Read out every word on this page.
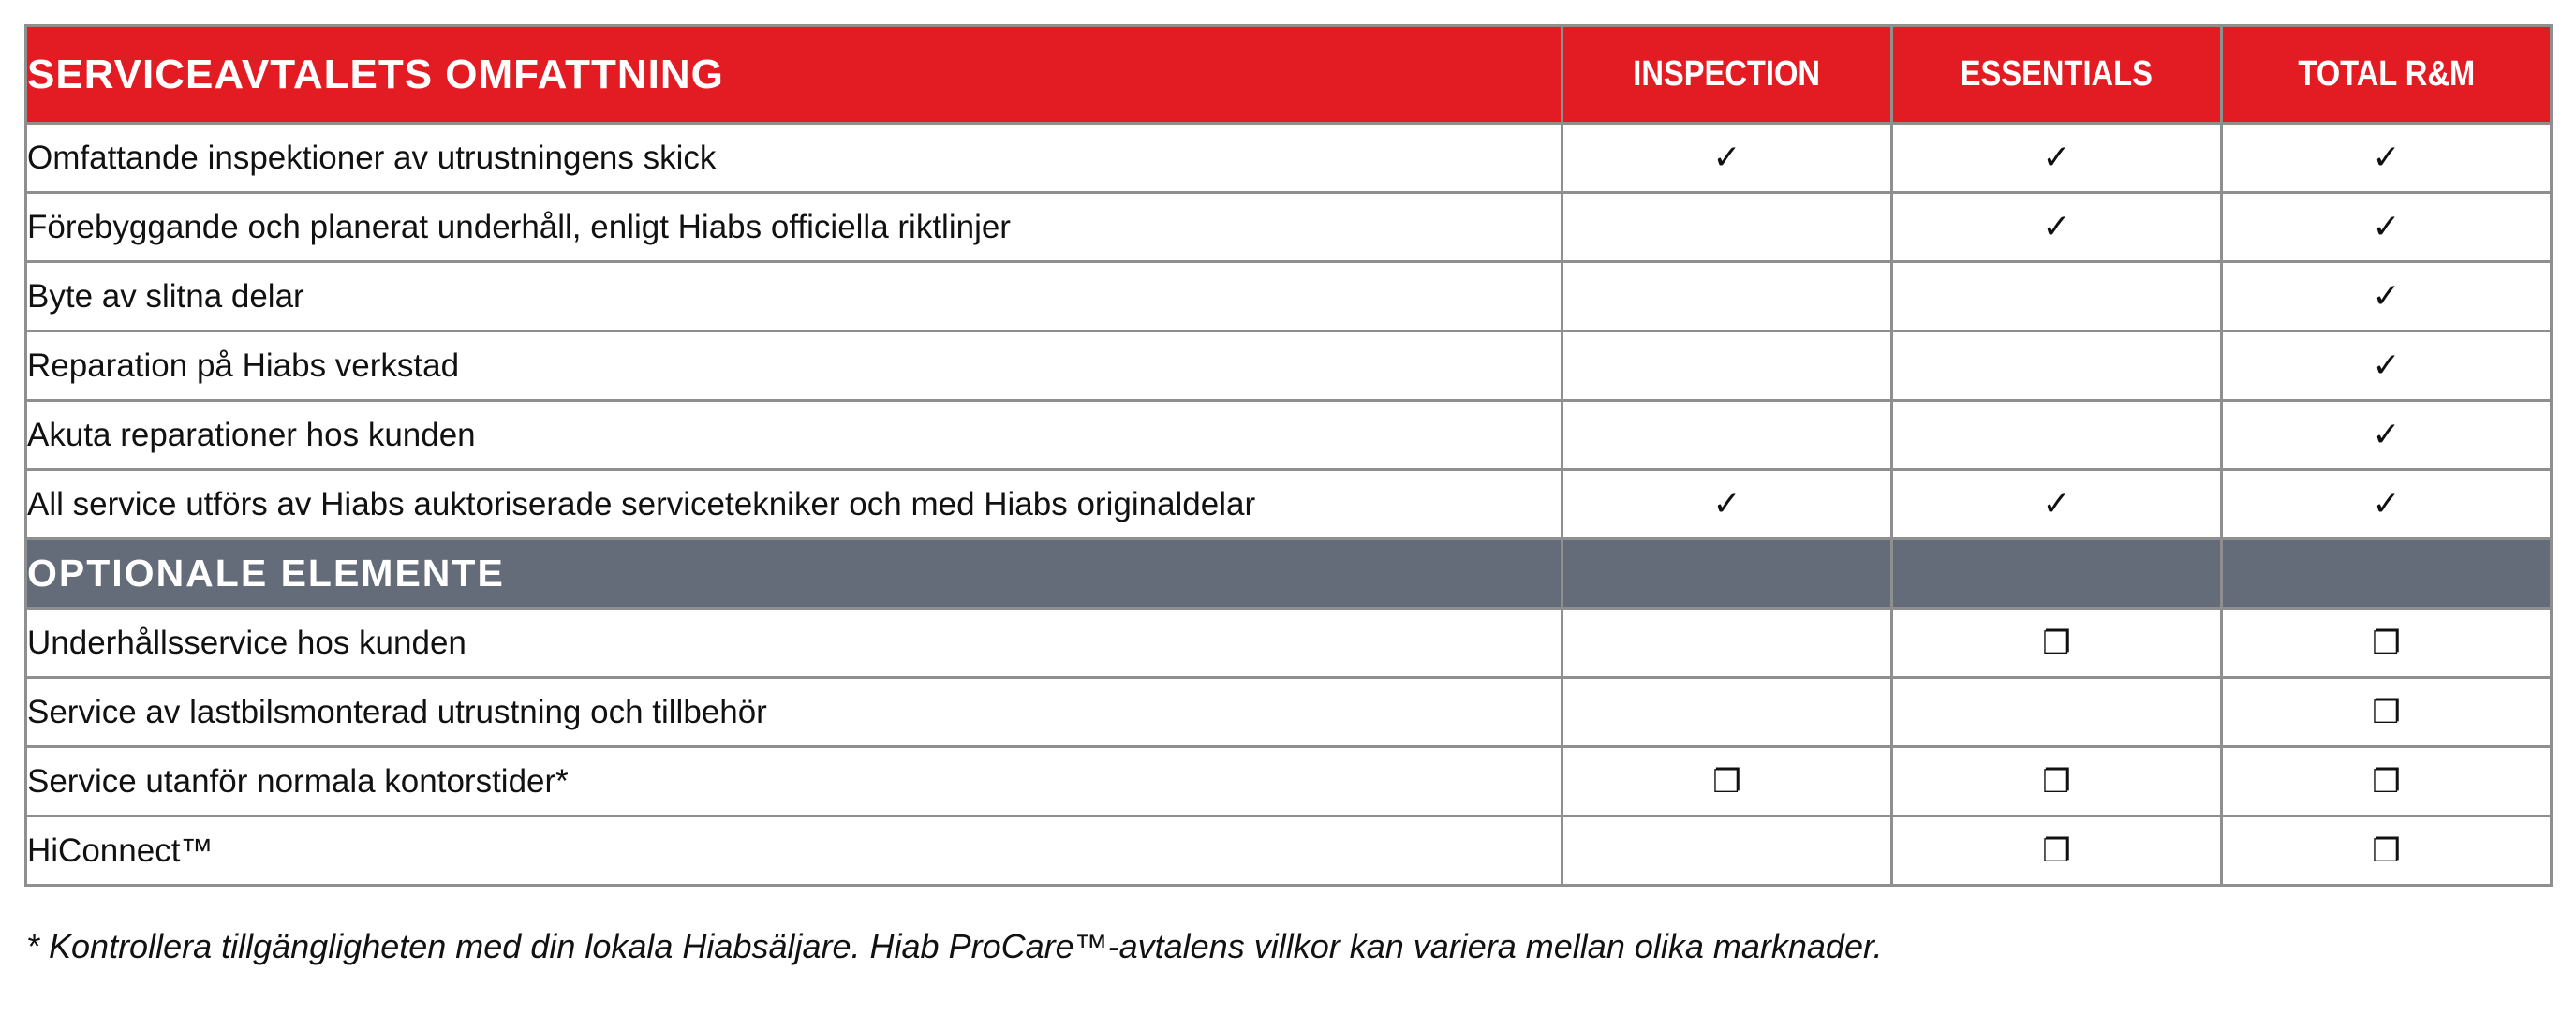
SERVICEAVTALETS OMFATTNING	INSPECTION	ESSENTIALS	TOTAL R&M
Omfattande inspektioner av utrustningens skick	✓	✓	✓
Förebyggande och planerat underhåll, enligt Hiabs officiella riktlinjer		✓	✓
Byte av slitna delar			✓
Reparation på Hiabs verkstad			✓
Akuta reparationer hos kunden			✓
All service utförs av Hiabs auktoriserade servicetekniker och med Hiabs originaldelar	✓	✓	✓
OPTIONALE ELEMENTE			
Underhållsservice hos kunden		❐	❐
Service av lastbilsmonterad utrustning och tillbehör			❐
Service utanför normala kontorstider*	❐	❐	❐
HiConnect™		❐	❐
* Kontrollera tillgängligheten med din lokala Hiabsäljare. Hiab ProCare™-avtalens villkor kan variera mellan olika marknader.
